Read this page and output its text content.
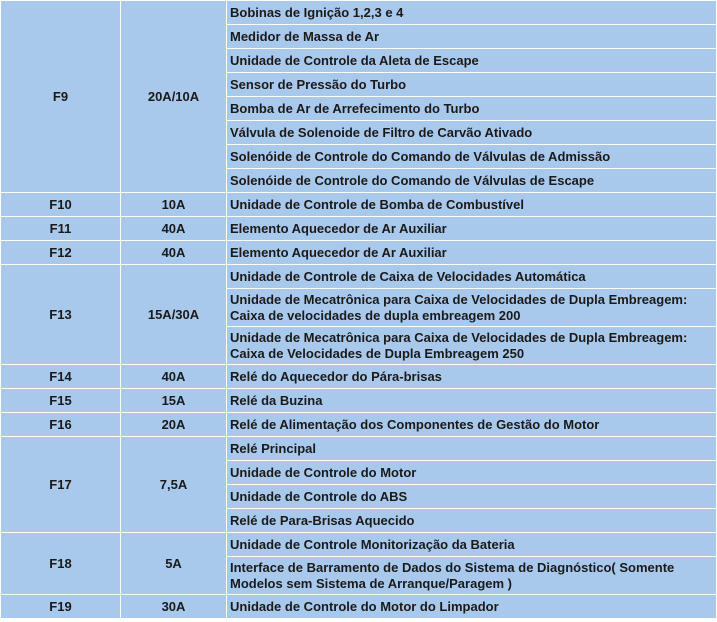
F9	20A/10A	Bobinas de Ignição 1,2,3 e 4
		Medidor de Massa de Ar
		Unidade de Controle da Aleta de Escape
		Sensor de Pressão do Turbo
		Bomba de Ar de Arrefecimento do Turbo
		Válvula de Solenoide de Filtro de Carvão Ativado
		Solenóide de Controle do Comando de Válvulas de Admissão
		Solenóide de Controle do Comando de Válvulas de Escape
F10	10A	Unidade de Controle de Bomba de Combustível
F11	40A	Elemento Aquecedor de Ar Auxiliar
F12	40A	Elemento Aquecedor de Ar Auxiliar
F13	15A/30A	Unidade de Controle de Caixa de Velocidades Automática
		Unidade de Mecatrônica para Caixa de Velocidades de Dupla Embreagem: Caixa de velocidades de dupla embreagem 200
		Unidade de Mecatrônica para Caixa de Velocidades de Dupla Embreagem: Caixa de Velocidades de Dupla Embreagem 250
F14	40A	Relé do Aquecedor do Pára-brisas
F15	15A	Relé da Buzina
F16	20A	Relé de Alimentação dos Componentes de Gestão do Motor
F17	7,5A	Relé Principal
		Unidade de Controle do Motor
		Unidade de Controle do ABS
		Relé de Para-Brisas Aquecido
F18	5A	Unidade de Controle Monitorização da Bateria
		Interface de Barramento de Dados do Sistema de Diagnóstico( Somente Modelos sem Sistema de Arranque/Paragem )
F19	30A	Unidade de Controle do Motor do Limpador
